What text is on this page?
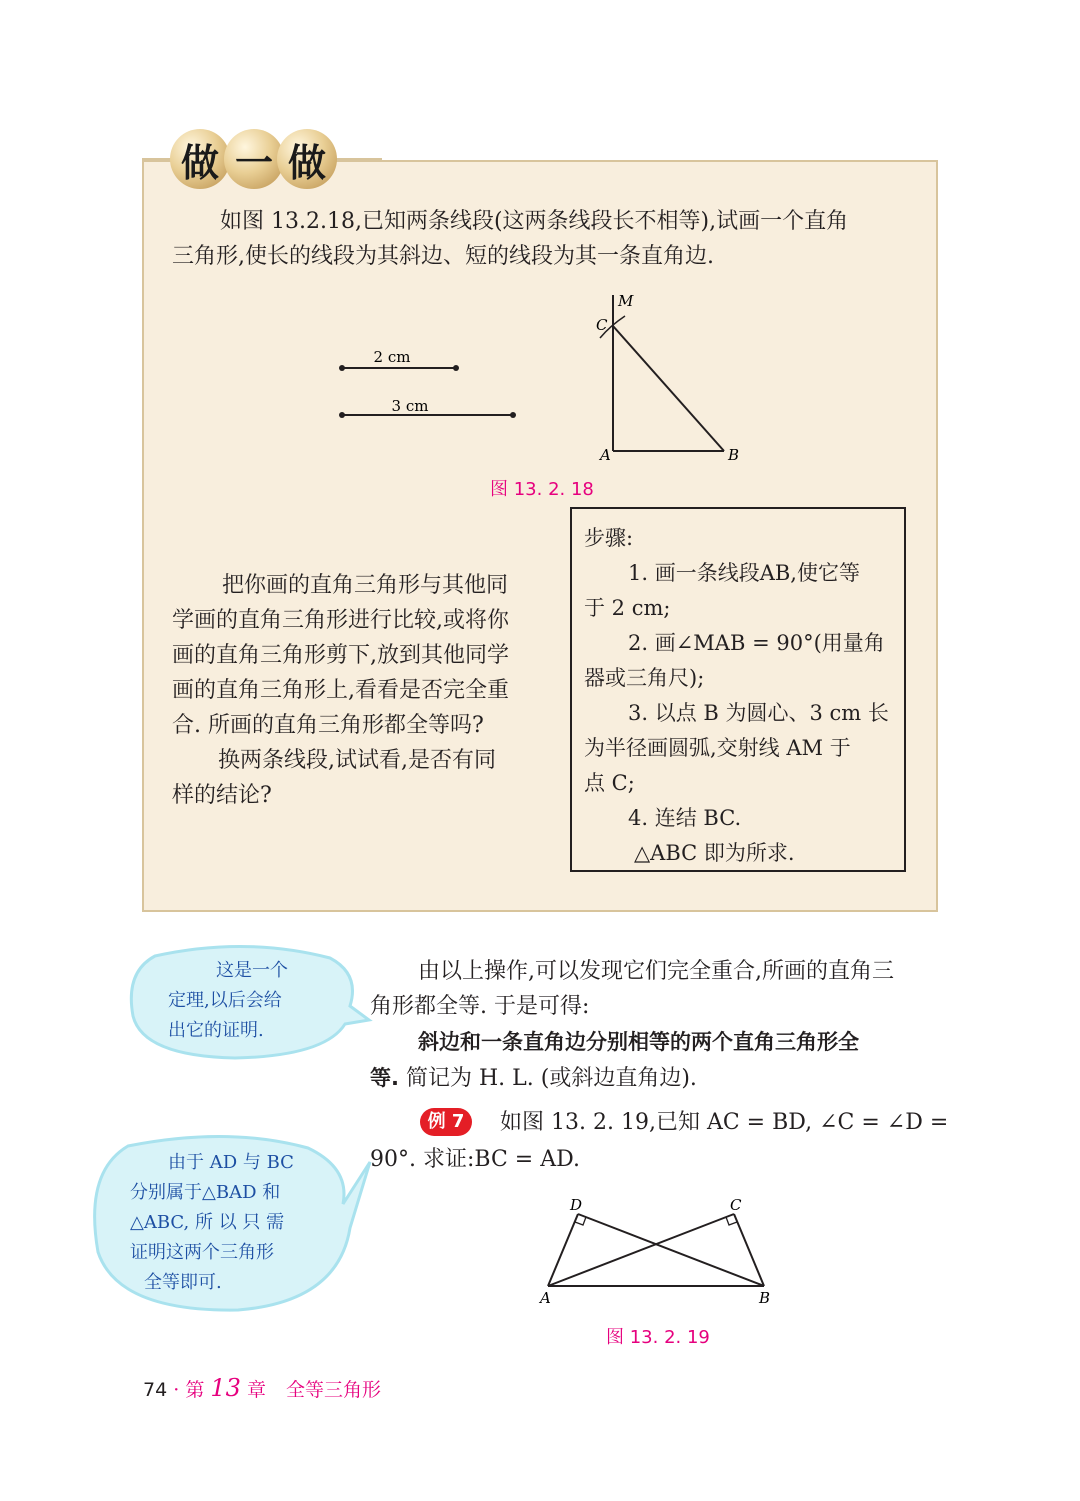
做 一 做
如图 13.2.18,已知两条线段(这两条线段长不相等),试画一个直角
三角形,使长的线段为其斜边、短的线段为其一条直角边.
2 cm
3 cm
M
C
A	B
图 13. 2. 18
把你画的直角三角形与其他同
学画的直角三角形进行比较,或将你
画的直角三角形剪下,放到其他同学
画的直角三角形上,看看是否完全重
合. 所画的直角三角形都全等吗?
换两条线段,试试看,是否有同
样的结论?
步骤:
1. 画一条线段AB,使它等
于 2 cm;
2. 画∠MAB = 90°(用量角
器或三角尺);
3. 以点 B 为圆心、3 cm 长
为半径画圆弧,交射线 AM 于
点 C;
4. 连结 BC.
△ABC 即为所求.
这是一个
定理,以后会给
出它的证明.
由以上操作,可以发现它们完全重合,所画的直角三
角形都全等. 于是可得:
斜边和一条直角边分别相等的两个直角三角形全
等. 简记为 H. L. (或斜边直角边).
例 7	如图 13. 2. 19,已知 AC = BD, ∠C = ∠D =
90°. 求证:BC = AD.
由于 AD 与 BC
分别属于△BAD 和
△ABC, 所 以 只 需
证明这两个三角形
全等即可.
D	C
A	B
图 13. 2. 19
74 · 第 13 章 全等三角形
